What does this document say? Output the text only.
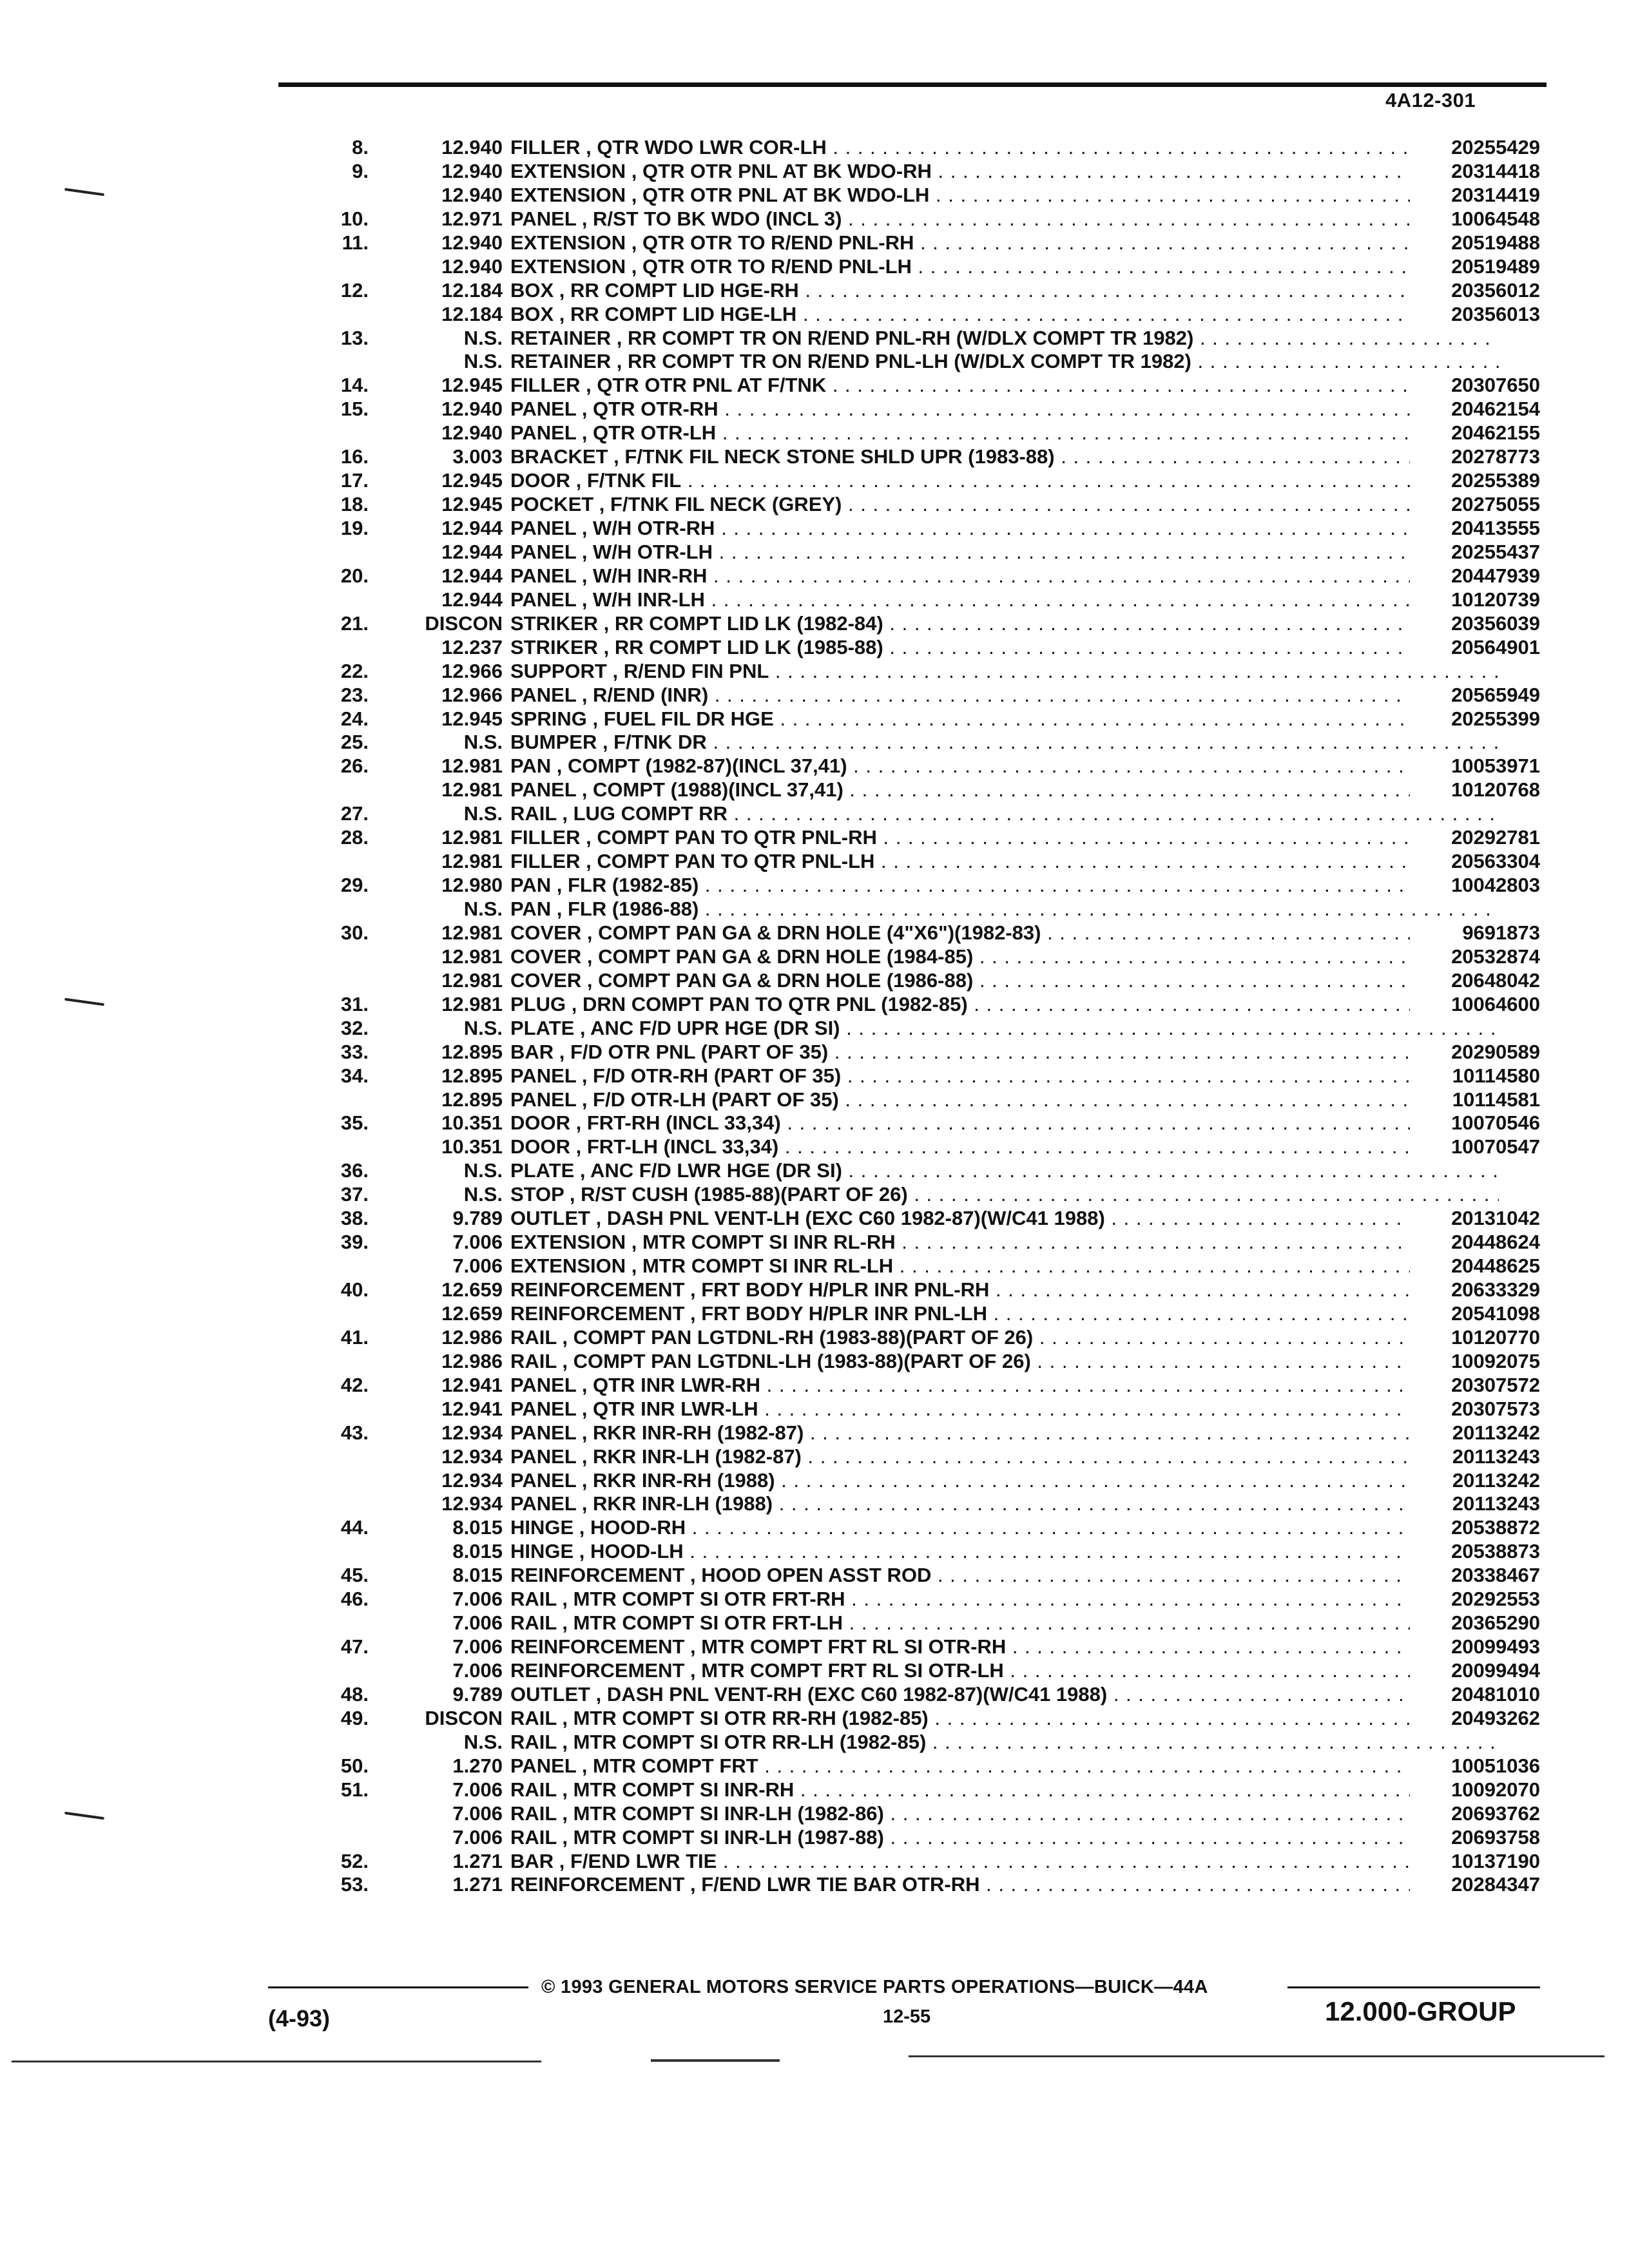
4A12-301
8.	12.940 FILLER , QTR WDO LWR COR-LH . . .	20255429
9.	12.940 EXTENSION , QTR OTR PNL AT BK WDO-RH . . .	20314418
12.940 EXTENSION , QTR OTR PNL AT BK WDO-LH . . .	20314419
10.	12.971 PANEL , R/ST TO BK WDO (INCL 3) . . .	10064548
11.	12.940 EXTENSION , QTR OTR TO R/END PNL-RH . . .	20519488
12.940 EXTENSION , QTR OTR TO R/END PNL-LH . . .	20519489
12.	12.184 BOX , RR COMPT LID HGE-RH . . .	20356012
12.184 BOX , RR COMPT LID HGE-LH . . .	20356013
13.	N.S. RETAINER , RR COMPT TR ON R/END PNL-RH (W/DLX COMPT TR 1982) . . .
N.S. RETAINER , RR COMPT TR ON R/END PNL-LH (W/DLX COMPT TR 1982) . . .
14.	12.945 FILLER , QTR OTR PNL AT F/TNK . . .	20307650
15.	12.940 PANEL , QTR OTR-RH . . .	20462154
12.940 PANEL , QTR OTR-LH . . .	20462155
16.	3.003 BRACKET , F/TNK FIL NECK STONE SHLD UPR (1983-88) . . .	20278773
17.	12.945 DOOR , F/TNK FIL . . .	20255389
18.	12.945 POCKET , F/TNK FIL NECK (GREY) . . .	20275055
19.	12.944 PANEL , W/H OTR-RH . . .	20413555
12.944 PANEL , W/H OTR-LH . . .	20255437
20.	12.944 PANEL , W/H INR-RH . . .	20447939
12.944 PANEL , W/H INR-LH . . .	10120739
21.	DISCON STRIKER , RR COMPT LID LK (1982-84) . . .	20356039
12.237 STRIKER , RR COMPT LID LK (1985-88) . . .	20564901
22.	12.966 SUPPORT , R/END FIN PNL . . .
23.	12.966 PANEL , R/END (INR) . . .	20565949
24.	12.945 SPRING , FUEL FIL DR HGE . . .	20255399
25.	N.S. BUMPER , F/TNK DR . . .
26.	12.981 PAN , COMPT (1982-87)(INCL 37,41) . . .	10053971
12.981 PANEL , COMPT (1988)(INCL 37,41) . . .	10120768
27.	N.S. RAIL , LUG COMPT RR . . .
28.	12.981 FILLER , COMPT PAN TO QTR PNL-RH . . .	20292781
12.981 FILLER , COMPT PAN TO QTR PNL-LH . . .	20563304
29.	12.980 PAN , FLR (1982-85) . . .	10042803
N.S. PAN , FLR (1986-88) . . .
30.	12.981 COVER , COMPT PAN GA & DRN HOLE (4"X6")(1982-83) . . .	9691873
12.981 COVER , COMPT PAN GA & DRN HOLE (1984-85) . . .	20532874
12.981 COVER , COMPT PAN GA & DRN HOLE (1986-88) . . .	20648042
31.	12.981 PLUG , DRN COMPT PAN TO QTR PNL (1982-85) . . .	10064600
32.	N.S. PLATE , ANC F/D UPR HGE (DR SI) . . .
33.	12.895 BAR , F/D OTR PNL (PART OF 35) . . .	20290589
34.	12.895 PANEL , F/D OTR-RH (PART OF 35) . . .	10114580
12.895 PANEL , F/D OTR-LH (PART OF 35) . . .	10114581
35.	10.351 DOOR , FRT-RH (INCL 33,34) . . .	10070546
10.351 DOOR , FRT-LH (INCL 33,34) . . .	10070547
36.	N.S. PLATE , ANC F/D LWR HGE (DR SI) . . .
37.	N.S. STOP , R/ST CUSH (1985-88)(PART OF 26) . . .
38.	9.789 OUTLET , DASH PNL VENT-LH (EXC C60 1982-87)(W/C41 1988) . . .	20131042
39.	7.006 EXTENSION , MTR COMPT SI INR RL-RH . . .	20448624
7.006 EXTENSION , MTR COMPT SI INR RL-LH . . .	20448625
40.	12.659 REINFORCEMENT , FRT BODY H/PLR INR PNL-RH . . .	20633329
12.659 REINFORCEMENT , FRT BODY H/PLR INR PNL-LH . . .	20541098
41.	12.986 RAIL , COMPT PAN LGTDNL-RH (1983-88)(PART OF 26) . . .	10120770
12.986 RAIL , COMPT PAN LGTDNL-LH (1983-88)(PART OF 26) . . .	10092075
42.	12.941 PANEL , QTR INR LWR-RH . . .	20307572
12.941 PANEL , QTR INR LWR-LH . . .	20307573
43.	12.934 PANEL , RKR INR-RH (1982-87) . . .	20113242
12.934 PANEL , RKR INR-LH (1982-87) . . .	20113243
12.934 PANEL , RKR INR-RH (1988) . . .	20113242
12.934 PANEL , RKR INR-LH (1988) . . .	20113243
44.	8.015 HINGE , HOOD-RH . . .	20538872
8.015 HINGE , HOOD-LH . . .	20538873
45.	8.015 REINFORCEMENT , HOOD OPEN ASST ROD . . .	20338467
46.	7.006 RAIL , MTR COMPT SI OTR FRT-RH . . .	20292553
7.006 RAIL , MTR COMPT SI OTR FRT-LH . . .	20365290
47.	7.006 REINFORCEMENT , MTR COMPT FRT RL SI OTR-RH . . .	20099493
7.006 REINFORCEMENT , MTR COMPT FRT RL SI OTR-LH . . .	20099494
48.	9.789 OUTLET , DASH PNL VENT-RH (EXC C60 1982-87)(W/C41 1988) . . .	20481010
49.	DISCON RAIL , MTR COMPT SI OTR RR-RH (1982-85) . . .	20493262
N.S. RAIL , MTR COMPT SI OTR RR-LH (1982-85) . . .
50.	1.270 PANEL , MTR COMPT FRT . . .	10051036
51.	7.006 RAIL , MTR COMPT SI INR-RH . . .	10092070
7.006 RAIL , MTR COMPT SI INR-LH (1982-86) . . .	20693762
7.006 RAIL , MTR COMPT SI INR-LH (1987-88) . . .	20693758
52.	1.271 BAR , F/END LWR TIE . . .	10137190
53.	1.271 REINFORCEMENT , F/END LWR TIE BAR OTR-RH . . .	20284347
© 1993 GENERAL MOTORS SERVICE PARTS OPERATIONS—BUICK—44A
(4-93)	12-55	12.000-GROUP
